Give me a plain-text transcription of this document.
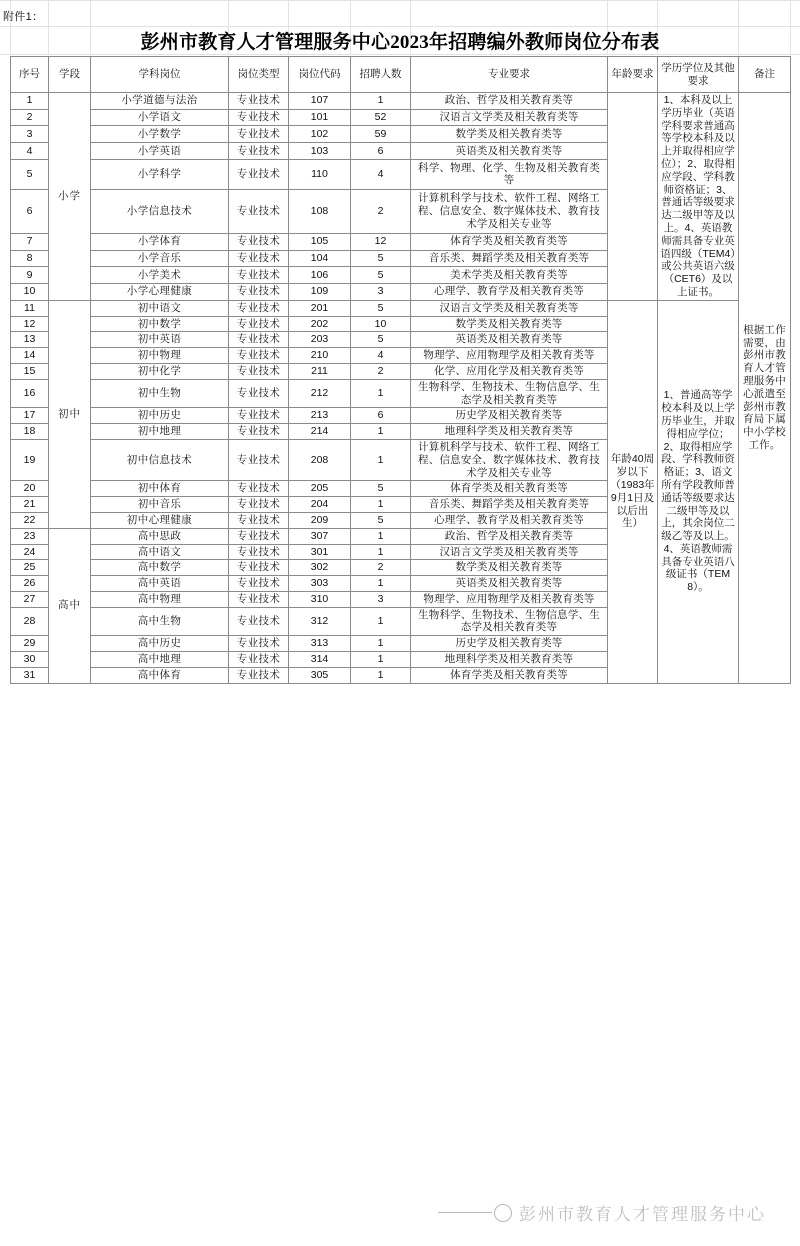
附件1：
彭州市教育人才管理服务中心2023年招聘编外教师岗位分布表
序号	学段	学科岗位	岗位类型	岗位代码	招聘人数	专业要求	年龄要求	学历学位及其他要求	备注
1	小学	小学道德与法治	专业技术	107	1	政治、哲学及相关教育类等		1、本科及以上学历毕业（英语学科要求普通高等学校本科及以上并取得相应学位）；2、取得相应学段、学科教师资格证；3、普通话等级要求达二级甲等及以上。4、英语教师需具备专业英语四级（TEM4）或公共英语六级（CET6）及以上证书。	根据工作需要，由彭州市教育人才管理服务中心派遣至彭州市教育局下属中小学校工作。
2		小学语文	专业技术	101	52	汉语言文学类及相关教育类等			
3		小学数学	专业技术	102	59	数学类及相关教育类等			
4		小学英语	专业技术	103	6	英语类及相关教育类等			
5		小学科学	专业技术	110	4	科学、物理、化学、生物及相关教育类等			
6		小学信息技术	专业技术	108	2	计算机科学与技术、软件工程、网络工程、信息安全、数字媒体技术、教育技术学及相关专业等			
7		小学体育	专业技术	105	12	体育学类及相关教育类等			
8		小学音乐	专业技术	104	5	音乐类、舞蹈学类及相关教育类等			
9		小学美术	专业技术	106	5	美术学类及相关教育类等			
10		小学心理健康	专业技术	109	3	心理学、教育学及相关教育类等			
11	初中	初中语文	专业技术	201	5	汉语言文学类及相关教育类等	年龄40周岁以下（1983年9月1日及以后出生）	1、普通高等学校本科及以上学历毕业生，并取得相应学位；2、取得相应学段、学科教师资格证；3、语文所有学段教师普通话等级要求达二级甲等及以上，其余岗位二级乙等及以上。4、英语教师需具备专业英语八级证书（TEM8）。	
12		初中数学	专业技术	202	10	数学类及相关教育类等			
13		初中英语	专业技术	203	5	英语类及相关教育类等			
14		初中物理	专业技术	210	4	物理学、应用物理学及相关教育类等			
15		初中化学	专业技术	211	2	化学、应用化学及相关教育类等			
16		初中生物	专业技术	212	1	生物科学、生物技术、生物信息学、生态学及相关教育类等			
17		初中历史	专业技术	213	6	历史学及相关教育类等			
18		初中地理	专业技术	214	1	地理科学类及相关教育类等			
19		初中信息技术	专业技术	208	1	计算机科学与技术、软件工程、网络工程、信息安全、数字媒体技术、教育技术学及相关专业等			
20		初中体育	专业技术	205	5	体育学类及相关教育类等			
21		初中音乐	专业技术	204	1	音乐类、舞蹈学类及相关教育类等			
22		初中心理健康	专业技术	209	5	心理学、教育学及相关教育类等			
23	高中	高中思政	专业技术	307	1	政治、哲学及相关教育类等			
24		高中语文	专业技术	301	1	汉语言文学类及相关教育类等			
25		高中数学	专业技术	302	2	数学类及相关教育类等			
26		高中英语	专业技术	303	1	英语类及相关教育类等			
27		高中物理	专业技术	310	3	物理学、应用物理学及相关教育类等			
28		高中生物	专业技术	312	1	生物科学、生物技术、生物信息学、生态学及相关教育类等			
29		高中历史	专业技术	313	1	历史学及相关教育类等			
30		高中地理	专业技术	314	1	地理科学类及相关教育类等			
31		高中体育	专业技术	305	1	体育学类及相关教育类等			
彭州市教育人才管理服务中心
